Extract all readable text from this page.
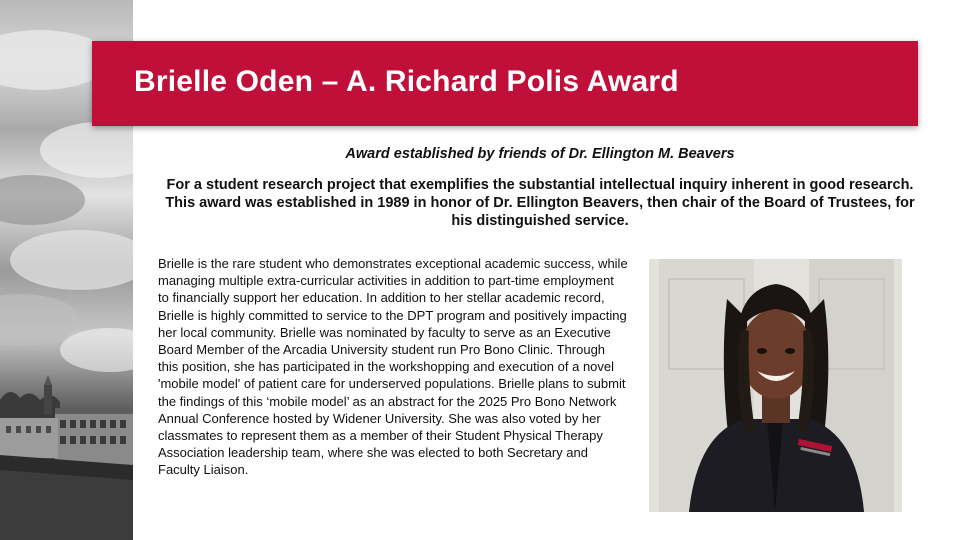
Brielle Oden – A. Richard Polis Award
Award established by friends of Dr. Ellington M. Beavers
For a student research project that exemplifies the substantial intellectual inquiry inherent in good research. This award was established in 1989 in honor of Dr. Ellington Beavers, then chair of the Board of Trustees, for his distinguished service.
Brielle is the rare student who demonstrates exceptional academic success, while managing multiple extra-curricular activities in addition to part-time employment to financially support her education. In addition to her stellar academic record, Brielle is highly committed to service to the DPT program and positively impacting her local community. Brielle was nominated by faculty to serve as an Executive Board Member of the Arcadia University student run Pro Bono Clinic. Through this position, she has participated in the workshopping and execution of a novel 'mobile model' of patient care for underserved populations. Brielle plans to submit the findings of this ‘mobile model’ as an abstract for the 2025 Pro Bono Network Annual Conference hosted by Widener University. She was also voted by her classmates to represent them as a member of their Student Physical Therapy Association leadership team, where she was elected to both Secretary and Faculty Liaison.
